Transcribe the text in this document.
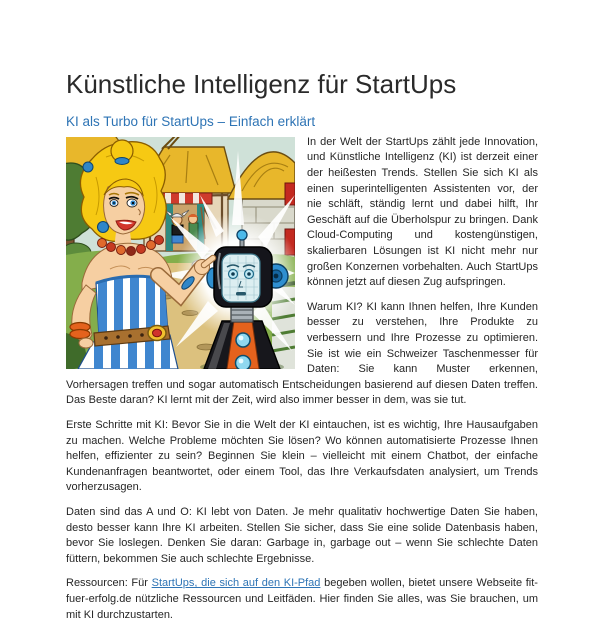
Künstliche Intelligenz für StartUps
KI als Turbo für StartUps – Einfach erklärt

In der Welt der StartUps zählt jede Innovation, und Künstliche Intelligenz (KI) ist derzeit einer der heißesten Trends. Stellen Sie sich KI als einen superintelligenten Assistenten vor, der nie schläft, ständig lernt und dabei hilft, Ihr Geschäft auf die Überholspur zu bringen. Dank Cloud-Computing und kostengünstigen, skalierbaren Lösungen ist KI nicht mehr nur großen Konzernen vorbehalten. Auch StartUps können jetzt auf diesen Zug aufspringen.

Warum KI? KI kann Ihnen helfen, Ihre Kunden besser zu verstehen, Ihre Produkte zu verbessern und Ihre Prozesse zu optimieren. Sie ist wie ein Schweizer Taschenmesser für Daten: Sie kann Muster erkennen, Vorhersagen treffen und sogar automatisch Entscheidungen basierend auf diesen Daten treffen. Das Beste daran? KI lernt mit der Zeit, wird also immer besser in dem, was sie tut.

Erste Schritte mit KI: Bevor Sie in die Welt der KI eintauchen, ist es wichtig, Ihre Hausaufgaben zu machen. Welche Probleme möchten Sie lösen? Wo können automatisierte Prozesse Ihnen helfen, effizienter zu sein? Beginnen Sie klein – vielleicht mit einem Chatbot, der einfache Kundenanfragen beantwortet, oder einem Tool, das Ihre Verkaufsdaten analysiert, um Trends vorherzusagen.

Daten sind das A und O: KI lebt von Daten. Je mehr qualitativ hochwertige Daten Sie haben, desto besser kann Ihre KI arbeiten. Stellen Sie sicher, dass Sie eine solide Datenbasis haben, bevor Sie loslegen. Denken Sie daran: Garbage in, garbage out – wenn Sie schlechte Daten füttern, bekommen Sie auch schlechte Ergebnisse.

Ressourcen: Für StartUps, die sich auf den KI-Pfad begeben wollen, bietet unsere Webseite fit-fuer-erfolg.de nützliche Ressourcen und Leitfäden. Hier finden Sie alles, was Sie brauchen, um mit KI durchzustarten.
